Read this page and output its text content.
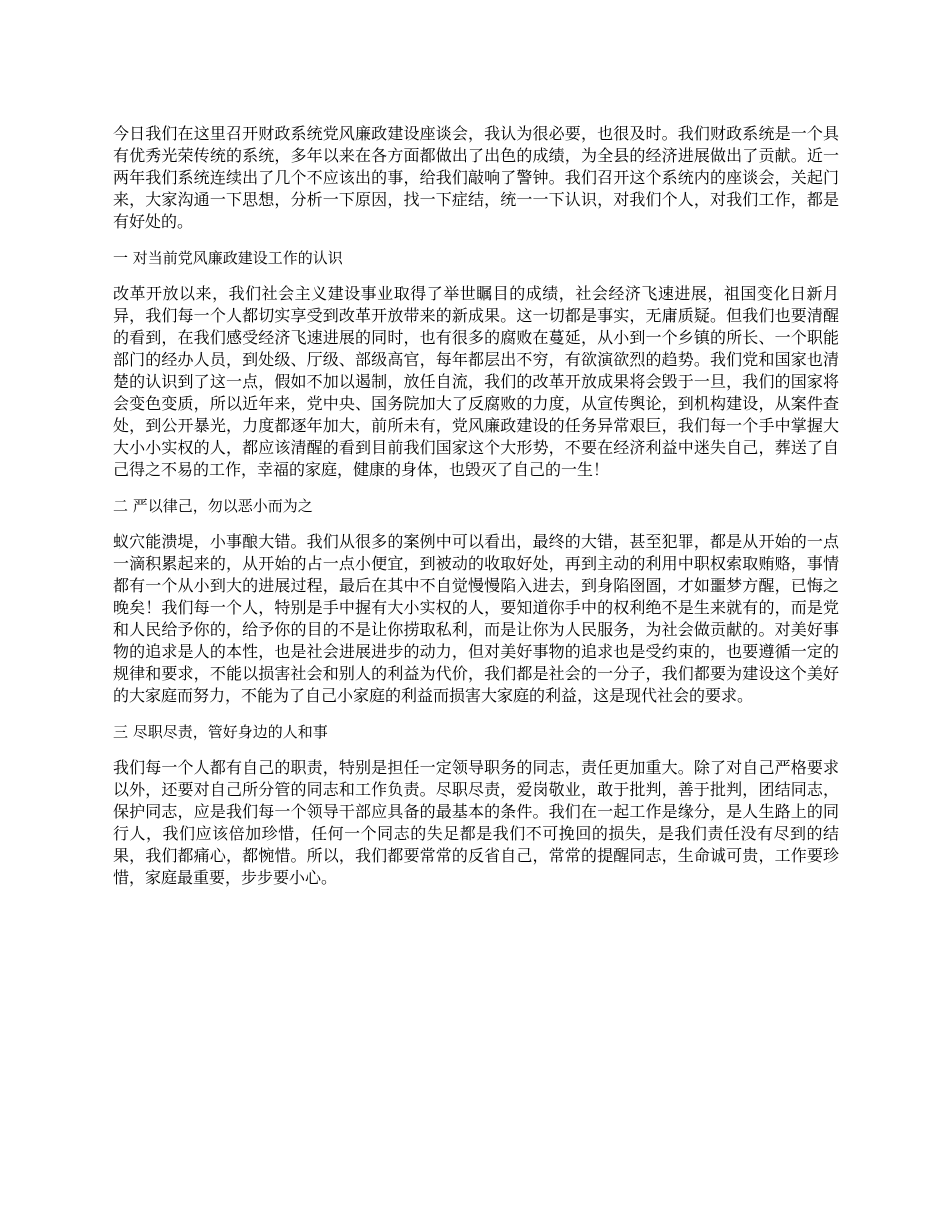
今日我们在这里召开财政系统党风廉政建设座谈会，我认为很必要，也很及时。我们财政系统是一个具有优秀光荣传统的系统，多年以来在各方面都做出了出色的成绩，为全县的经济进展做出了贡献。近一两年我们系统连续出了几个不应该出的事，给我们敲响了警钟。我们召开这个系统内的座谈会，关起门来，大家沟通一下思想，分析一下原因，找一下症结，统一一下认识，对我们个人，对我们工作，都是有好处的。

一 对当前党风廉政建设工作的认识

改革开放以来，我们社会主义建设事业取得了举世瞩目的成绩，社会经济飞速进展，祖国变化日新月异，我们每一个人都切实享受到改革开放带来的新成果。这一切都是事实，无庸质疑。但我们也要清醒的看到，在我们感受经济飞速进展的同时，也有很多的腐败在蔓延，从小到一个乡镇的所长、一个职能部门的经办人员，到处级、厅级、部级高官，每年都层出不穷，有欲演欲烈的趋势。我们党和国家也清楚的认识到了这一点，假如不加以遏制，放任自流，我们的改革开放成果将会毁于一旦，我们的国家将会变色变质，所以近年来，党中央、国务院加大了反腐败的力度，从宣传舆论，到机构建设，从案件查处，到公开暴光，力度都逐年加大，前所未有，党风廉政建设的任务异常艰巨，我们每一个手中掌握大大小小实权的人，都应该清醒的看到目前我们国家这个大形势，不要在经济利益中迷失自己，葬送了自己得之不易的工作，幸福的家庭，健康的身体，也毁灭了自己的一生！

二 严以律己，勿以恶小而为之

蚁穴能溃堤，小事酿大错。我们从很多的案例中可以看出，最终的大错，甚至犯罪，都是从开始的一点一滴积累起来的，从开始的占一点小便宜，到被动的收取好处，再到主动的利用中职权索取贿赂，事情都有一个从小到大的进展过程，最后在其中不自觉慢慢陷入进去，到身陷囹圄，才如噩梦方醒，已悔之晚矣！我们每一个人，特别是手中握有大小实权的人，要知道你手中的权利绝不是生来就有的，而是党和人民给予你的，给予你的目的不是让你捞取私利，而是让你为人民服务，为社会做贡献的。对美好事物的追求是人的本性，也是社会进展进步的动力，但对美好事物的追求也是受约束的，也要遵循一定的规律和要求，不能以损害社会和别人的利益为代价，我们都是社会的一分子，我们都要为建设这个美好的大家庭而努力，不能为了自己小家庭的利益而损害大家庭的利益，这是现代社会的要求。

三 尽职尽责，管好身边的人和事

我们每一个人都有自己的职责，特别是担任一定领导职务的同志，责任更加重大。除了对自己严格要求以外，还要对自己所分管的同志和工作负责。尽职尽责，爱岗敬业，敢于批判，善于批判，团结同志，保护同志，应是我们每一个领导干部应具备的最基本的条件。我们在一起工作是缘分，是人生路上的同行人，我们应该倍加珍惜，任何一个同志的失足都是我们不可挽回的损失，是我们责任没有尽到的结果，我们都痛心，都惋惜。所以，我们都要常常的反省自己，常常的提醒同志，生命诚可贵，工作要珍惜，家庭最重要，步步要小心。
